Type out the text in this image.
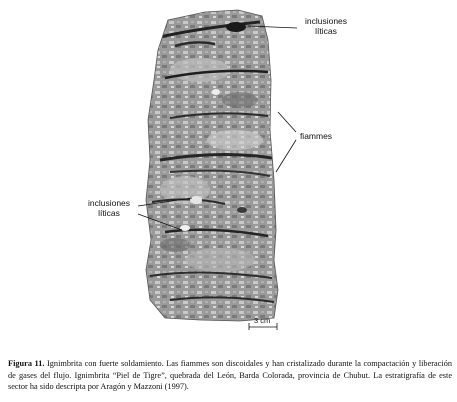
inclusiones
líticas
fiammes
inclusiones
líticas
3 cm
Figura 11. Ignimbrita con fuerte soldamiento. Las fiammes son discoidales y han cristalizado durante la compactación y liberación de gases del flujo. Ignimbrita “Piel de Tigre”, quebrada del León, Barda Colorada, provincia de Chubut. La estratigrafía de este sector ha sido descripta por Aragón y Mazzoni (1997).
